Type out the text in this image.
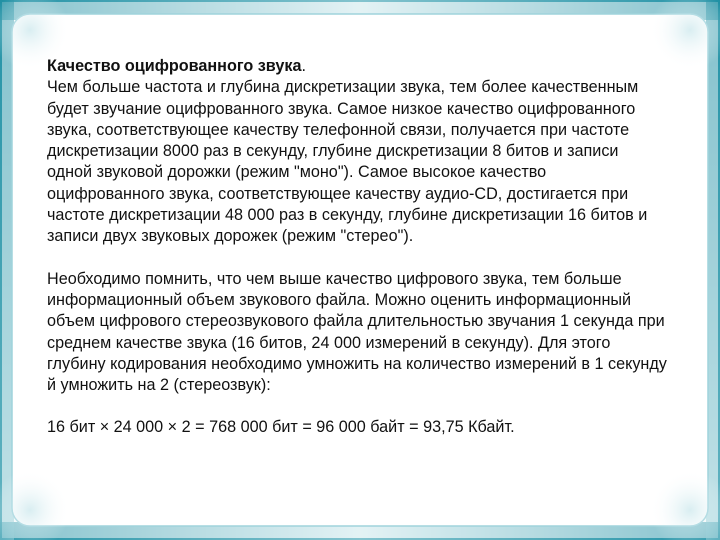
Качество оцифрованного звука.

Чем больше частота и глубина дискретизации звука, тем более качественным будет звучание оцифрованного звука. Самое низкое качество оцифрованного звука, соответствующее качеству телефонной связи, получается при частоте дискретизации 8000 раз в секунду, глубине дискретизации 8 битов и записи одной звуковой дорожки (режим "моно"). Самое высокое качество оцифрованного звука, соответствующее качеству аудио-CD, достигается при частоте дискретизации 48 000 раз в секунду, глубине дискретизации 16 битов и записи двух звуковых дорожек (режим "стерео").

Необходимо помнить, что чем выше качество цифрового звука, тем больше информационный объем звукового файла. Можно оценить информационный объем цифрового стереозвукового файла длительностью звучания 1 секунда при среднем качестве звука (16 битов, 24 000 измерений в секунду). Для этого глубину кодирования необходимо умножить на количество измерений в 1 секунду й умножить на 2 (стереозвук):

16 бит × 24 000 × 2 = 768 000 бит = 96 000 байт = 93,75 Кбайт.
